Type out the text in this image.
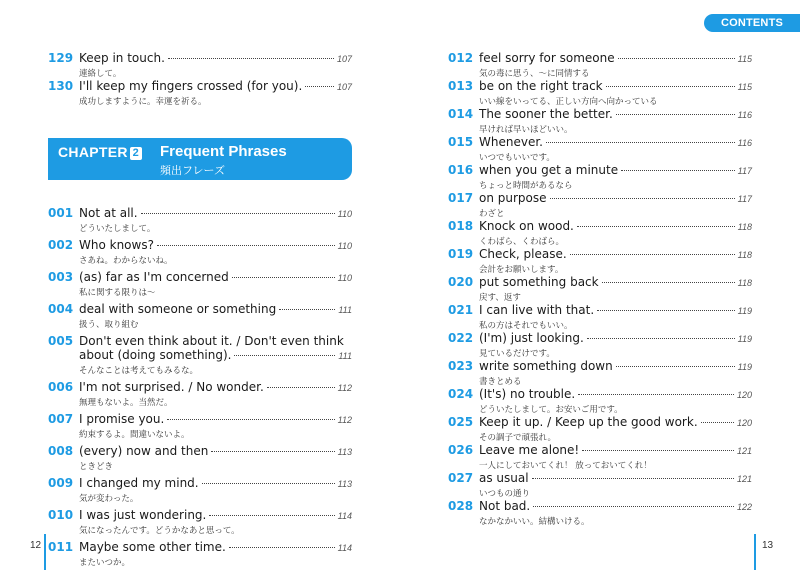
CONTENTS
129 Keep in touch.	107
連絡して。
130 I'll keep my fingers crossed (for you).	107
成功しますように。幸運を祈る。
001 Not at all.	110
どういたしまして。
002 Who knows?	110
さあね。わからないね。
003 (as) far as I'm concerned	110
私に関する限りは〜
004 deal with someone or something	111
扱う、取り組む
005 Don't even think about it. / Don't even think
about (doing something).	111
そんなことは考えてもみるな。
006 I'm not surprised. / No wonder.	112
無理もないよ。当然だ。
007 I promise you.	112
約束するよ。間違いないよ。
008 (every) now and then	113
ときどき
009 I changed my mind.	113
気が変わった。
010 I was just wondering.	114
気になったんです。どうかなあと思って。
011 Maybe some other time.	114
またいつか。
CHAPTER 2	Frequent Phrases
頻出フレーズ
012 feel sorry for someone	115
気の毒に思う、〜に同情する
013 be on the right track	115
いい線をいってる、正しい方向へ向かっている
014 The sooner the better.	116
早ければ早いほどいい。
015 Whenever.	116
いつでもいいです。
016 when you get a minute	117
ちょっと時間があるなら
017 on purpose	117
わざと
018 Knock on wood.	118
くわばら、くわばら。
019 Check, please.	118
会計をお願いします。
020 put something back	118
戻す、返す
021 I can live with that.	119
私の方はそれでもいい。
022 (I'm) just looking.	119
見ているだけです。
023 write something down	119
書きとめる
024 (It's) no trouble.	120
どういたしまして。お安いご用です。
025 Keep it up. / Keep up the good work.	120
その調子で頑張れ。
026 Leave me alone!	121
一人にしておいてくれ！ 放っておいてくれ！
027 as usual	121
いつもの通り
028 Not bad.	122
なかなかいい。結構いける。
12	13
